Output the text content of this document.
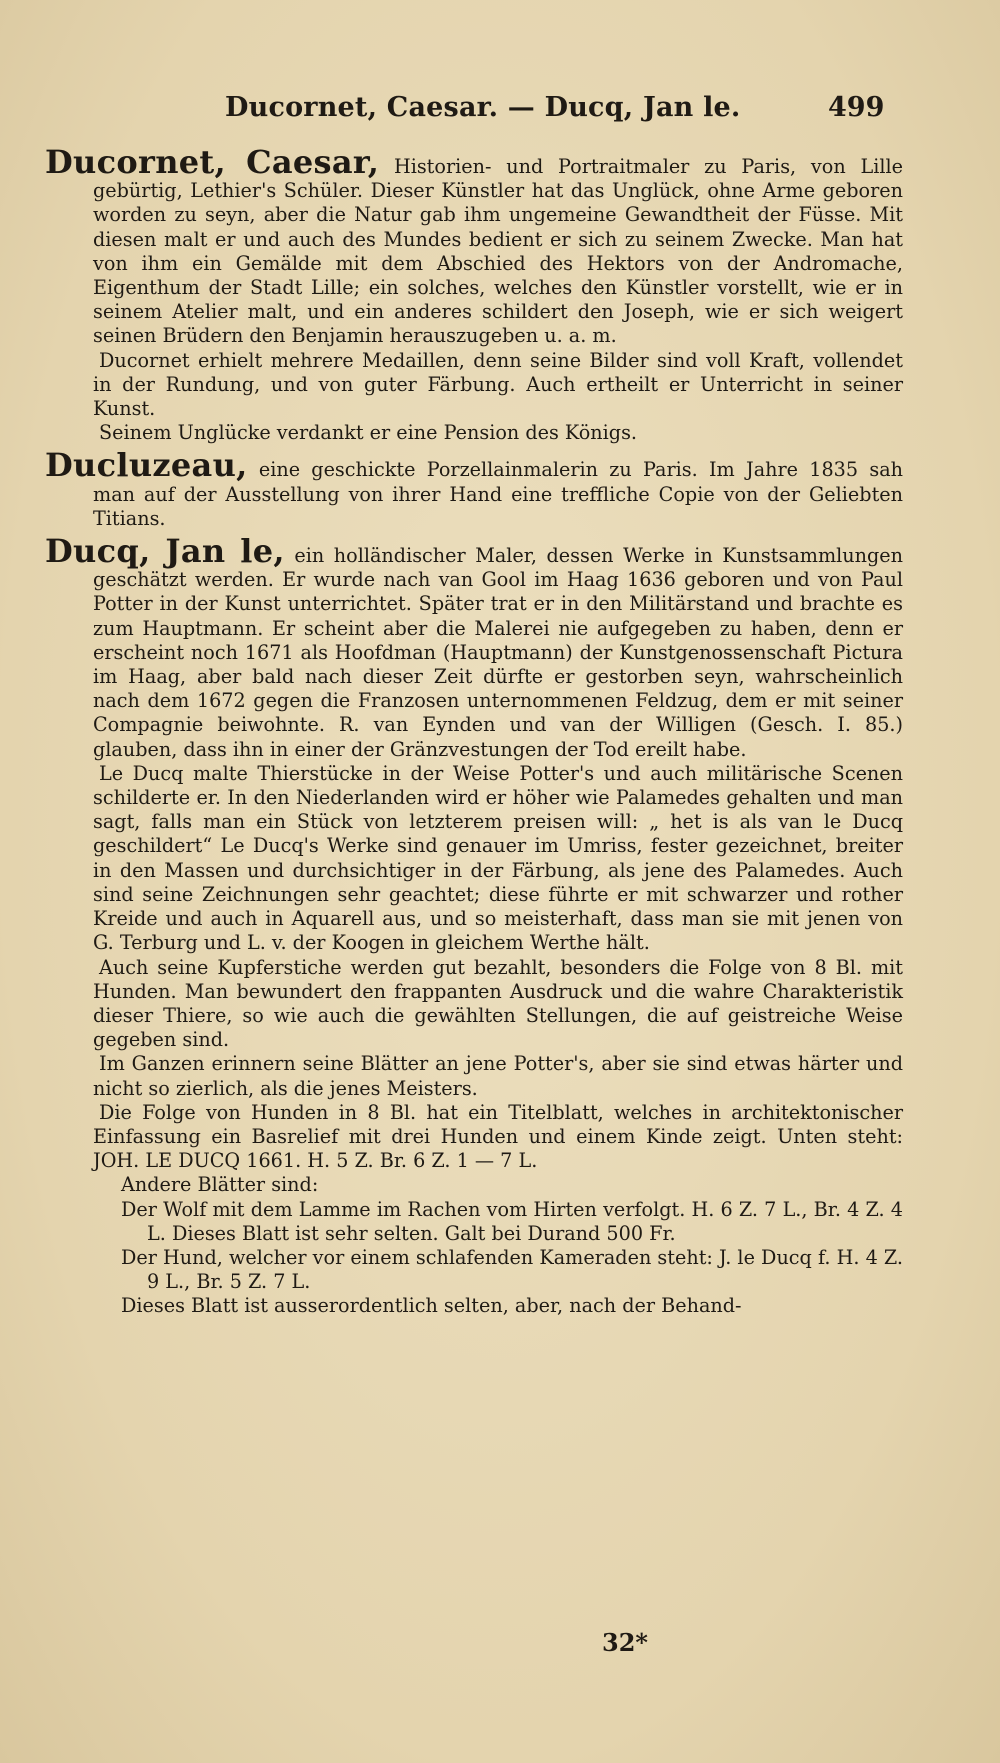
Ducornet, Caesar. — Ducq, Jan le.	499

Ducornet, Caesar, Historien- und Portraitmaler zu Paris, von Lille gebürtig, Lethier's Schüler. Dieser Künstler hat das Unglück, ohne Arme geboren worden zu seyn, aber die Natur gab ihm ungemeine Gewandtheit der Füsse. Mit diesen malt er und auch des Mundes bedient er sich zu seinem Zwecke. Man hat von ihm ein Gemälde mit dem Abschied des Hektors von der Andromache, Eigenthum der Stadt Lille; ein solches, welches den Künstler vorstellt, wie er in seinem Atelier malt, und ein anderes schildert den Joseph, wie er sich weigert seinen Brüdern den Benjamin herauszugeben u. a. m.

Ducornet erhielt mehrere Medaillen, denn seine Bilder sind voll Kraft, vollendet in der Rundung, und von guter Färbung. Auch ertheilt er Unterricht in seiner Kunst.

Seinem Unglücke verdankt er eine Pension des Königs.

Ducluzeau, eine geschickte Porzellainmalerin zu Paris. Im Jahre 1835 sah man auf der Ausstellung von ihrer Hand eine treffliche Copie von der Geliebten Titians.

Ducq, Jan le, ein holländischer Maler, dessen Werke in Kunstsammlungen geschätzt werden. Er wurde nach van Gool im Haag 1636 geboren und von Paul Potter in der Kunst unterrichtet. Später trat er in den Militärstand und brachte es zum Hauptmann. Er scheint aber die Malerei nie aufgegeben zu haben, denn er erscheint noch 1671 als Hoofdman (Hauptmann) der Kunstgenossenschaft Pictura im Haag, aber bald nach dieser Zeit dürfte er gestorben seyn, wahrscheinlich nach dem 1672 gegen die Franzosen unternommenen Feldzug, dem er mit seiner Compagnie beiwohnte. R. van Eynden und van der Willigen (Gesch. I. 85.) glauben, dass ihn in einer der Gränzvestungen der Tod ereilt habe.

Le Ducq malte Thierstücke in der Weise Potter's und auch militärische Scenen schilderte er. In den Niederlanden wird er höher wie Palamedes gehalten und man sagt, falls man ein Stück von letzterem preisen will: „ het is als van le Ducq geschildert“ Le Ducq's Werke sind genauer im Umriss, fester gezeichnet, breiter in den Massen und durchsichtiger in der Färbung, als jene des Palamedes. Auch sind seine Zeichnungen sehr geachtet; diese führte er mit schwarzer und rother Kreide und auch in Aquarell aus, und so meisterhaft, dass man sie mit jenen von G. Terburg und L. v. der Koogen in gleichem Werthe hält.

Auch seine Kupferstiche werden gut bezahlt, besonders die Folge von 8 Bl. mit Hunden. Man bewundert den frappanten Ausdruck und die wahre Charakteristik dieser Thiere, so wie auch die gewählten Stellungen, die auf geistreiche Weise gegeben sind.

Im Ganzen erinnern seine Blätter an jene Potter's, aber sie sind etwas härter und nicht so zierlich, als die jenes Meisters.

Die Folge von Hunden in 8 Bl. hat ein Titelblatt, welches in architektonischer Einfassung ein Basrelief mit drei Hunden und einem Kinde zeigt. Unten steht: JOH. LE DUCQ 1661. H. 5 Z. Br. 6 Z. 1 — 7 L.

Andere Blätter sind:

Der Wolf mit dem Lamme im Rachen vom Hirten verfolgt. H. 6 Z. 7 L., Br. 4 Z. 4 L. Dieses Blatt ist sehr selten. Galt bei Durand 500 Fr.

Der Hund, welcher vor einem schlafenden Kameraden steht: J. le Ducq f. H. 4 Z. 9 L., Br. 5 Z. 7 L.

Dieses Blatt ist ausserordentlich selten, aber, nach der Behand-

32*
